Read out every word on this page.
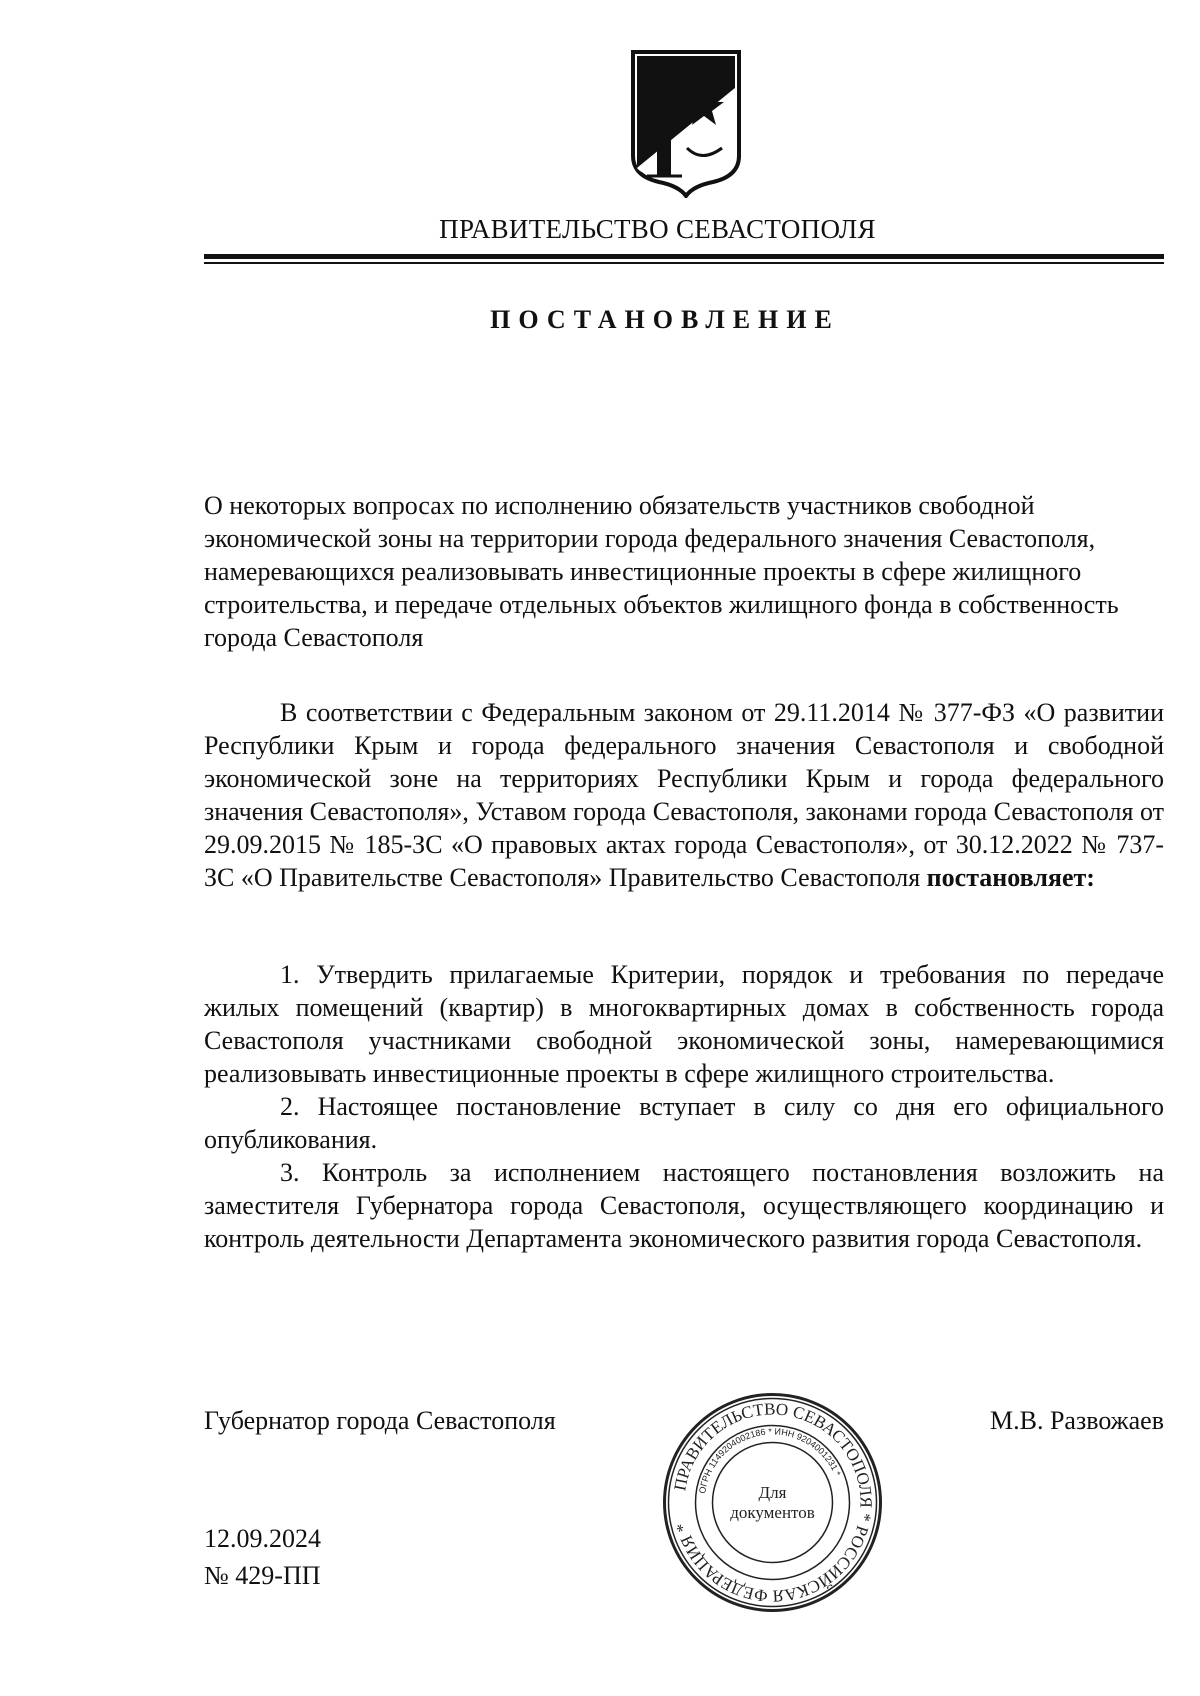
ПРАВИТЕЛЬСТВО СЕВАСТОПОЛЯ
ПОСТАНОВЛЕНИЕ
О некоторых вопросах по исполнению обязательств участников свободной экономической зоны на территории города федерального значения Севастополя, намеревающихся реализовывать инвестиционные проекты в сфере жилищного строительства, и передаче отдельных объектов жилищного фонда в собственность города Севастополя

В соответствии с Федеральным законом от 29.11.2014 № 377-ФЗ «О развитии Республики Крым и города федерального значения Севастополя и свободной экономической зоне на территориях Республики Крым и города федерального значения Севастополя», Уставом города Севастополя, законами города Севастополя от 29.09.2015 № 185-ЗС «О правовых актах города Севастополя», от 30.12.2022 № 737-ЗС «О Правительстве Севастополя» Правительство Севастополя постановляет:

1. Утвердить прилагаемые Критерии, порядок и требования по передаче жилых помещений (квартир) в многоквартирных домах в собственность города Севастополя участниками свободной экономической зоны, намеревающимися реализовывать инвестиционные проекты в сфере жилищного строительства.

2. Настоящее постановление вступает в силу со дня его официального опубликования.

3. Контроль за исполнением настоящего постановления возложить на заместителя Губернатора города Севастополя, осуществляющего координацию и контроль деятельности Департамента экономического развития города Севастополя.

Губернатор города Севастополя	М.В. Развожаев
ПРАВИТЕЛЬСТВО СЕВАСТОПОЛЯ * РОССИЙСКАЯ ФЕДЕРАЦИЯ *
ОГРН 1149204002186 * ИНН 9204001231 *
Для
документов
12.09.2024
№ 429-ПП
